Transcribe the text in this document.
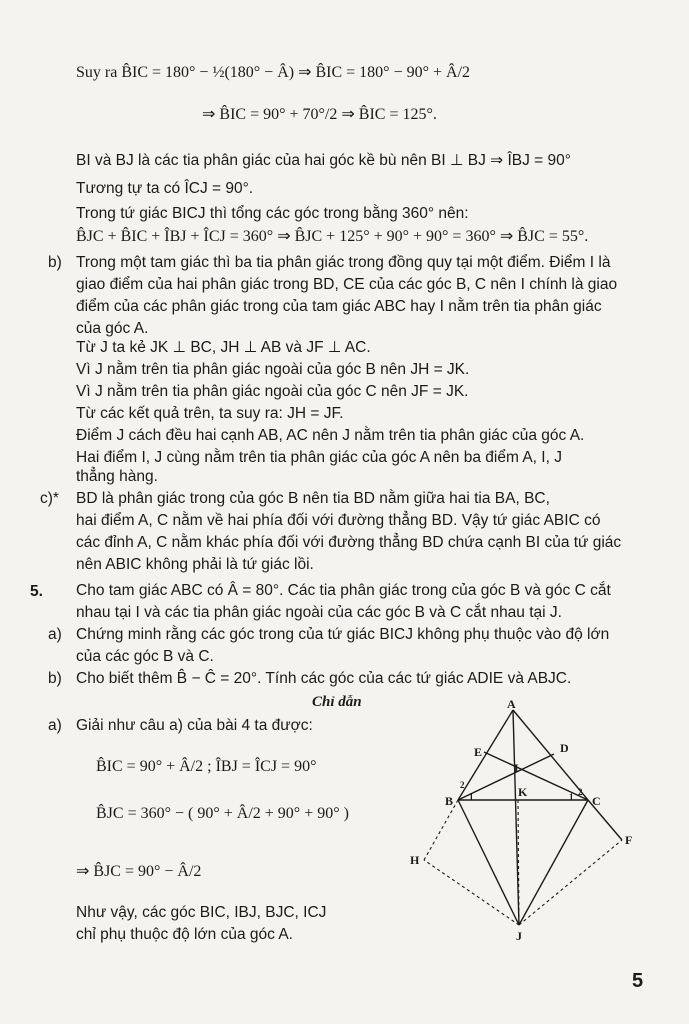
Suy ra B̂IC = 180° − ½(180° − Â) ⇒ B̂IC = 180° − 90° + Â/2
⇒ B̂IC = 90° + 70°/2 ⇒ B̂IC = 125°.
BI và BJ là các tia phân giác của hai góc kề bù nên BI ⊥ BJ ⇒ ÎBJ = 90°
Tương tự ta có ÎCJ = 90°.
Trong tứ giác BICJ thì tổng các góc trong bằng 360° nên:
B̂JC + B̂IC + ÎBJ + ÎCJ = 360° ⇒ B̂JC + 125° + 90° + 90° = 360° ⇒ B̂JC = 55°.
b) Trong một tam giác thì ba tia phân giác trong đồng quy tại một điểm. Điểm I là
giao điểm của hai phân giác trong BD, CE của các góc B, C nên I chính là giao
điểm của các phân giác trong của tam giác ABC hay I nằm trên tia phân giác
của góc A.
Từ J ta kẻ JK ⊥ BC, JH ⊥ AB và JF ⊥ AC.
Vì J nằm trên tia phân giác ngoài của góc B nên JH = JK.
Vì J nằm trên tia phân giác ngoài của góc C nên JF = JK.
Từ các kết quả trên, ta suy ra: JH = JF.
Điểm J cách đều hai cạnh AB, AC nên J nằm trên tia phân giác của góc A.
Hai điểm I, J cùng nằm trên tia phân giác của góc A nên ba điểm A, I, J
thẳng hàng.
c)* BD là phân giác trong của góc B nên tia BD nằm giữa hai tia BA, BC,
hai điểm A, C nằm về hai phía đối với đường thẳng BD. Vậy tứ giác ABIC có
các đỉnh A, C nằm khác phía đối với đường thẳng BD chứa cạnh BI của tứ giác
nên ABIC không phải là tứ giác lồi.
5. Cho tam giác ABC có Â = 80°. Các tia phân giác trong của góc B và góc C cắt
nhau tại I và các tia phân giác ngoài của các góc B và C cắt nhau tại J.
a) Chứng minh rằng các góc trong của tứ giác BICJ không phụ thuộc vào độ lớn
của các góc B và C.
b) Cho biết thêm B̂ − Ĉ = 20°. Tính các góc của các tứ giác ADIE và ABJC.
Chỉ dẫn
a) Giải như câu a) của bài 4 ta được:
B̂IC = 90° + Â/2 ; ÎBJ = ÎCJ = 90°
B̂JC = 360° − ( 90° + Â/2 + 90° + 90° )
⇒ B̂JC = 90° − Â/2
Như vậy, các góc BIC, IBJ, BJC, ICJ
chỉ phụ thuộc độ lớn của góc A.
A
E	D
I
B
K
C
H
F
J
1
2
1 2
5
